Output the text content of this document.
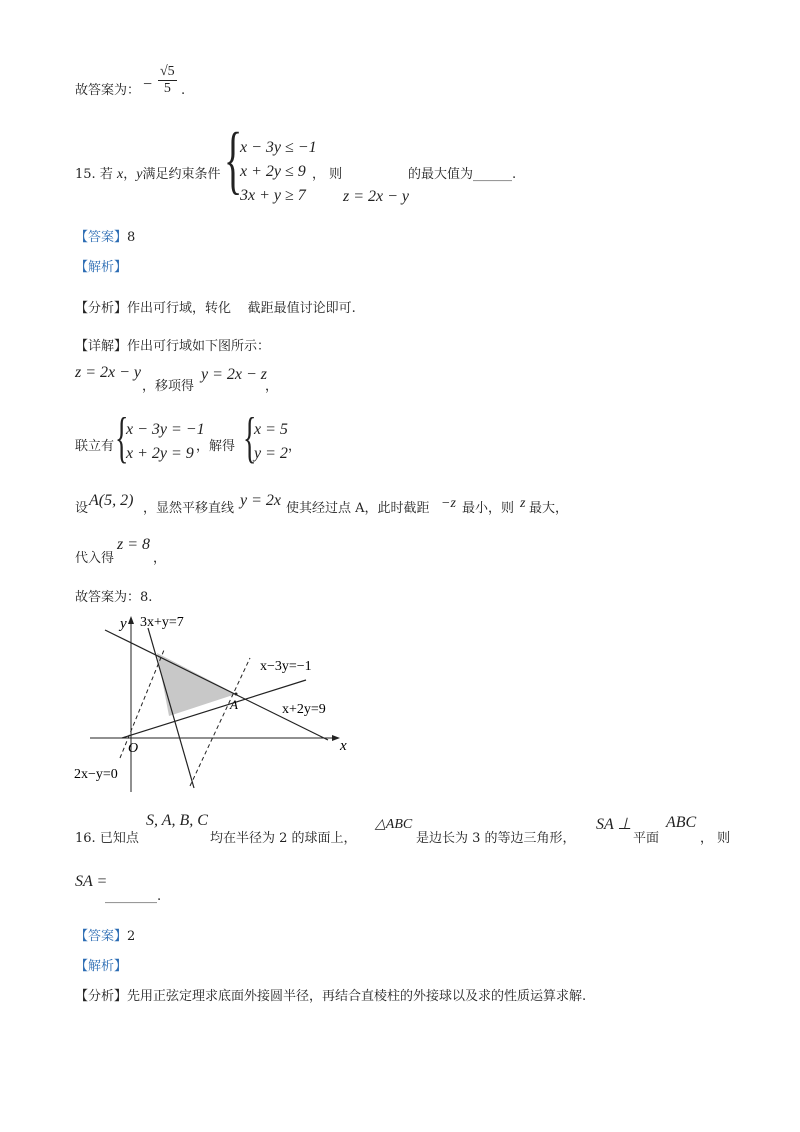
故答案为： − $\frac{√5}{5}$ .
15. 若 x，y满足约束条件 {
x − 3y ≤ −1
x + 2y ≤ 9
3x + y ≥ 7
， 则
z = 2x − y
的最大值为______.
【答案】8
【解析】
【分析】作出可行域，转化 截距最值讨论即可.
【详解】作出可行域如下图所示：
z = 2x − y
，移项得
y = 2x − z
，
联立有 {
x − 3y = −1
x + 2y = 9 ，解得 {
x = 5
y = 2 ，
设 A(5, 2) ，显然平移直线 y = 2x 使其经过点 A，此时截距 −z 最小，则 z 最大，
代入得
z = 8
，
故答案为：8.
y
x
O
A
3x+y=7
x−3y=−1
x+2y=9
2x−y=0
16. 已知点
S, A, B, C
均在半径为 2 的球面上，
△ABC
是边长为 3 的等边三角形，
SA ⊥
平面
ABC
， 则
SA =
________.
【答案】2
【解析】
【分析】先用正弦定理求底面外接圆半径，再结合直棱柱的外接球以及求的性质运算求解.
